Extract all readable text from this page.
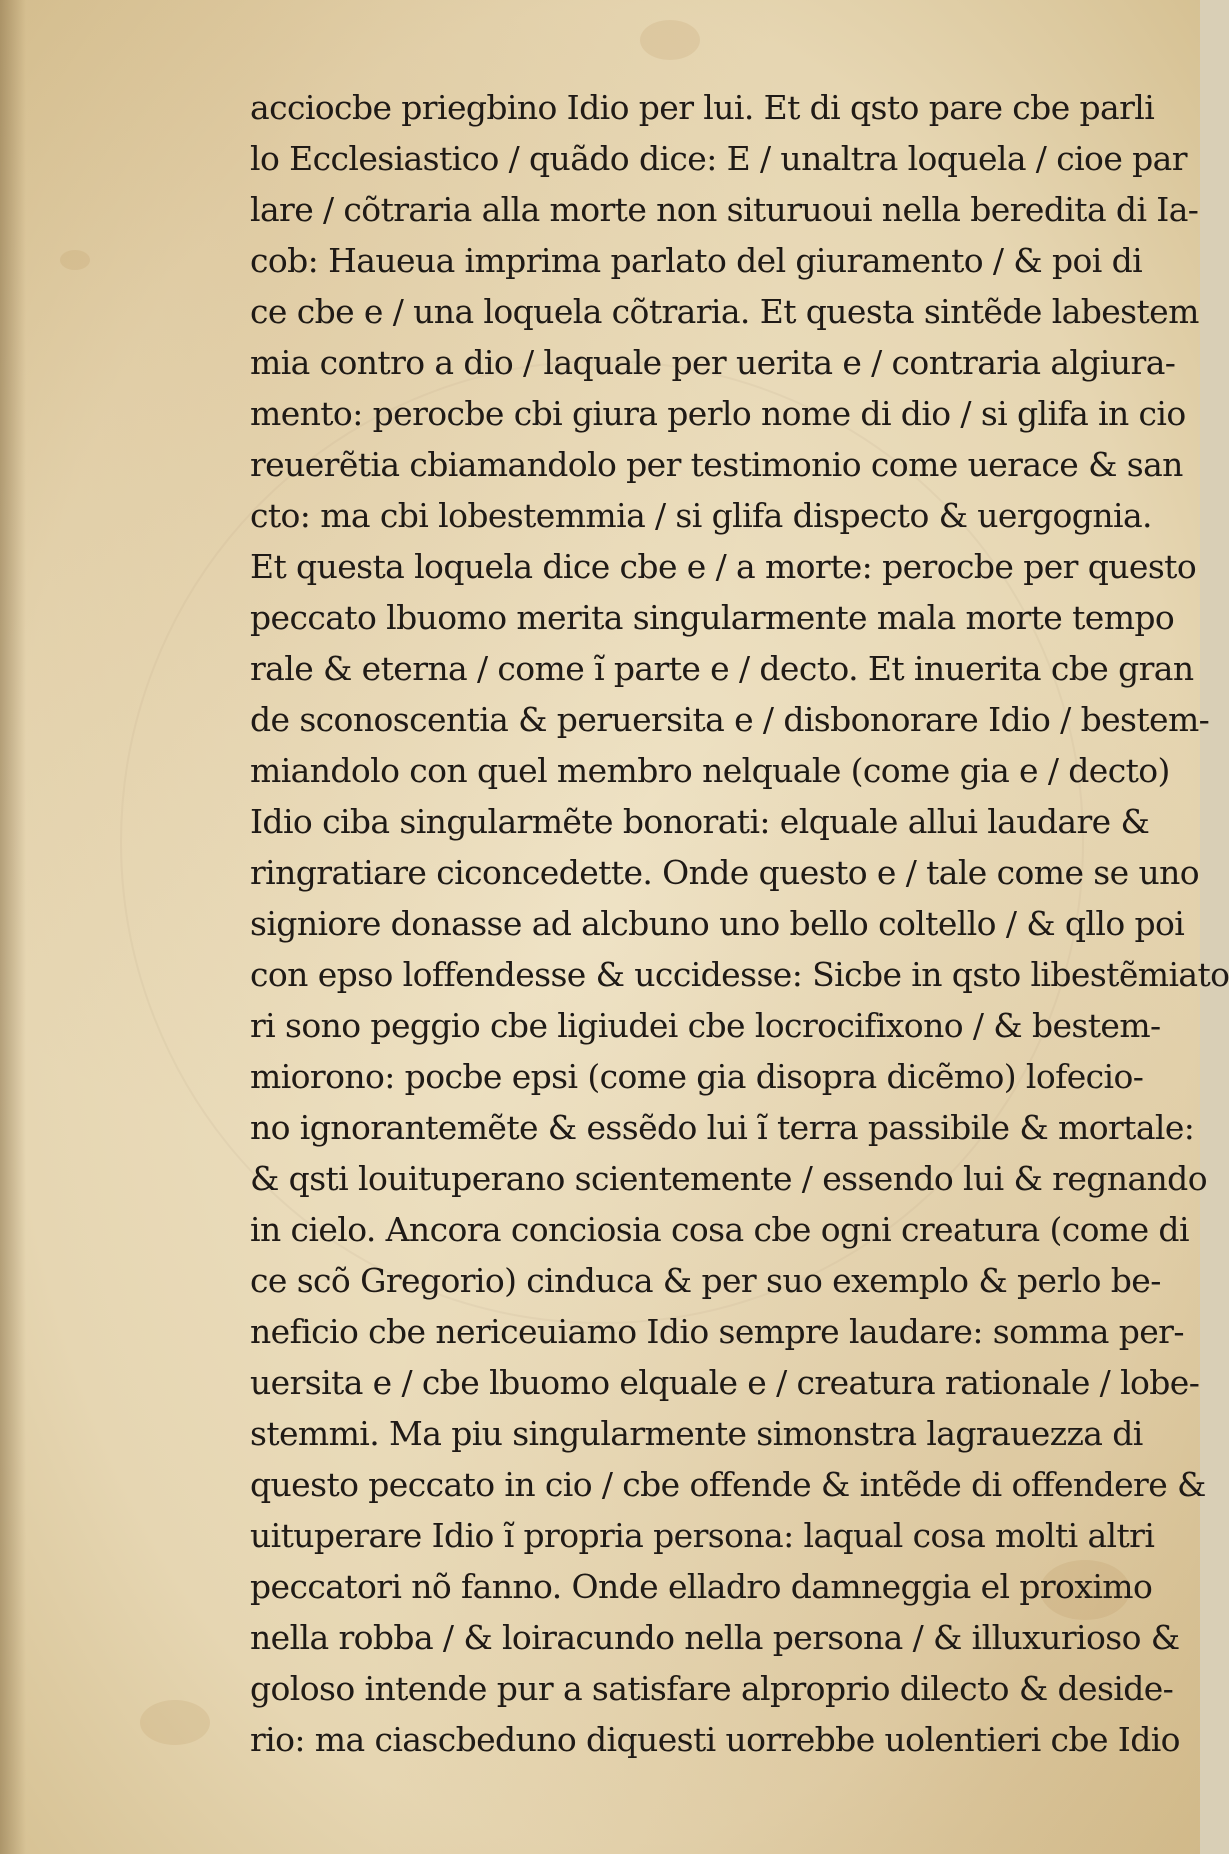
acciocbe priegbino Idio per lui. Et di qsto pare cbe parli
lo Ecclesiastico / quãdo dice: E / unaltra loquela / cioe par
lare / cõtraria alla morte non situruoui nella beredita di Ia-
cob: Haueua imprima parlato del giuramento / & poi di
ce cbe e / una loquela cõtraria. Et questa sintẽde labestem
mia contro a dio / laquale per uerita e / contraria algiura-
mento: perocbe cbi giura perlo nome di dio / si glifa in cio
reuerẽtia cbiamandolo per testimonio come uerace & san
cto: ma cbi lobestemmia / si glifa dispecto & uergognia.
Et questa loquela dice cbe e / a morte: perocbe per questo
peccato lbuomo merita singularmente mala morte tempo
rale & eterna / come ĩ parte e / decto. Et inuerita cbe gran
de sconoscentia & peruersita e / disbonorare Idio / bestem-
miandolo con quel membro nelquale (come gia e / decto)
Idio ciba singularmẽte bonorati: elquale allui laudare &
ringratiare ciconcedette. Onde questo e / tale come se uno
signiore donasse ad alcbuno uno bello coltello / & qllo poi
con epso loffendesse & uccidesse: Sicbe in qsto libestẽmiato
ri sono peggio cbe ligiudei cbe locrocifixono / & bestem-
miorono: pocbe epsi (come gia disopra dicẽmo) lofecio-
no ignorantemẽte & essẽdo lui ĩ terra passibile & mortale:
& qsti louituperano scientemente / essendo lui & regnando
in cielo. Ancora conciosia cosa cbe ogni creatura (come di
ce scõ Gregorio) cinduca & per suo exemplo & perlo be-
neficio cbe nericeuiamo Idio sempre laudare: somma per-
uersita e / cbe lbuomo elquale e / creatura rationale / lobe-
stemmi. Ma piu singularmente simonstra lagrauezza di
questo peccato in cio / cbe offende & intẽde di offendere &
uituperare Idio ĩ propria persona: laqual cosa molti altri
peccatori nõ fanno. Onde elladro damneggia el proximo
nella robba / & loiracundo nella persona / & illuxurioso &
goloso intende pur a satisfare alproprio dilecto & deside-
rio: ma ciascbeduno diquesti uorrebbe uolentieri cbe Idio
